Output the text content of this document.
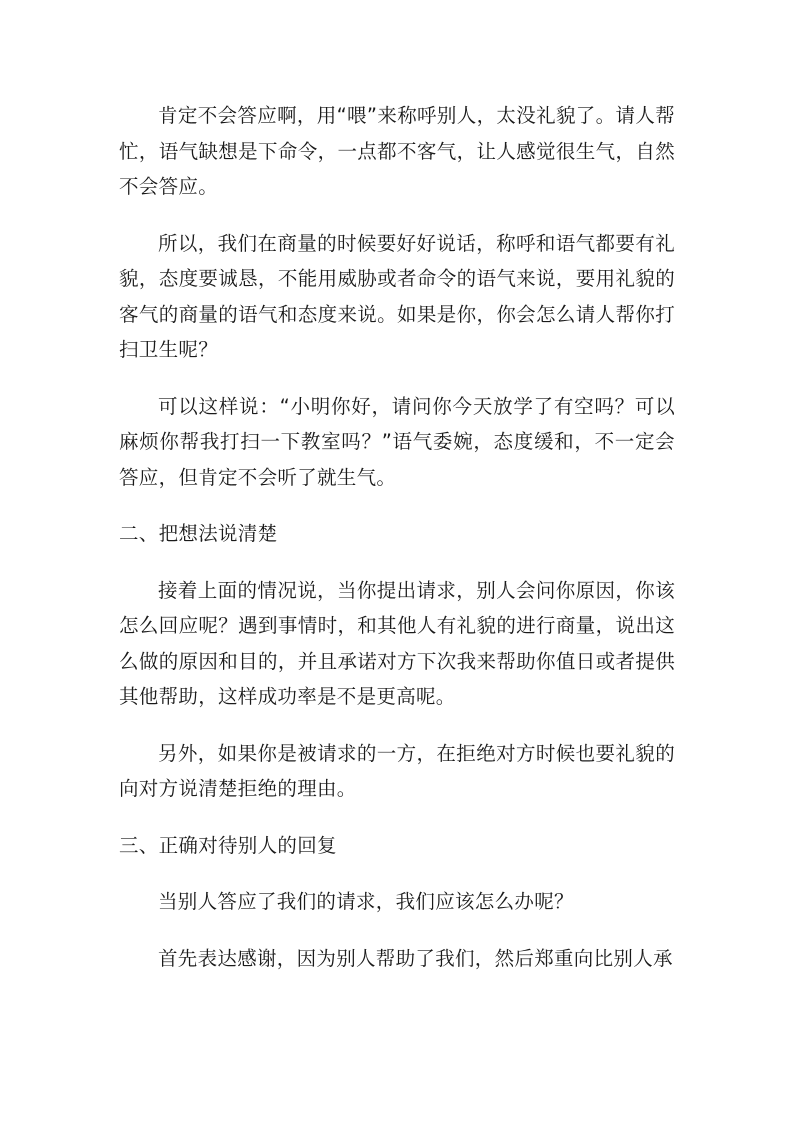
肯定不会答应啊，用“喂”来称呼别人，太没礼貌了。请人帮忙，语气缺想是下命令，一点都不客气，让人感觉很生气，自然不会答应。

所以，我们在商量的时候要好好说话，称呼和语气都要有礼貌，态度要诚恳，不能用威胁或者命令的语气来说，要用礼貌的客气的商量的语气和态度来说。如果是你，你会怎么请人帮你打扫卫生呢？

可以这样说：“小明你好，请问你今天放学了有空吗？可以麻烦你帮我打扫一下教室吗？”语气委婉，态度缓和，不一定会答应，但肯定不会听了就生气。

二、把想法说清楚

接着上面的情况说，当你提出请求，别人会问你原因，你该怎么回应呢？遇到事情时，和其他人有礼貌的进行商量，说出这么做的原因和目的，并且承诺对方下次我来帮助你值日或者提供其他帮助，这样成功率是不是更高呢。

另外，如果你是被请求的一方，在拒绝对方时候也要礼貌的向对方说清楚拒绝的理由。

三、正确对待别人的回复

当别人答应了我们的请求，我们应该怎么办呢？

首先表达感谢，因为别人帮助了我们，然后郑重向比别人承
